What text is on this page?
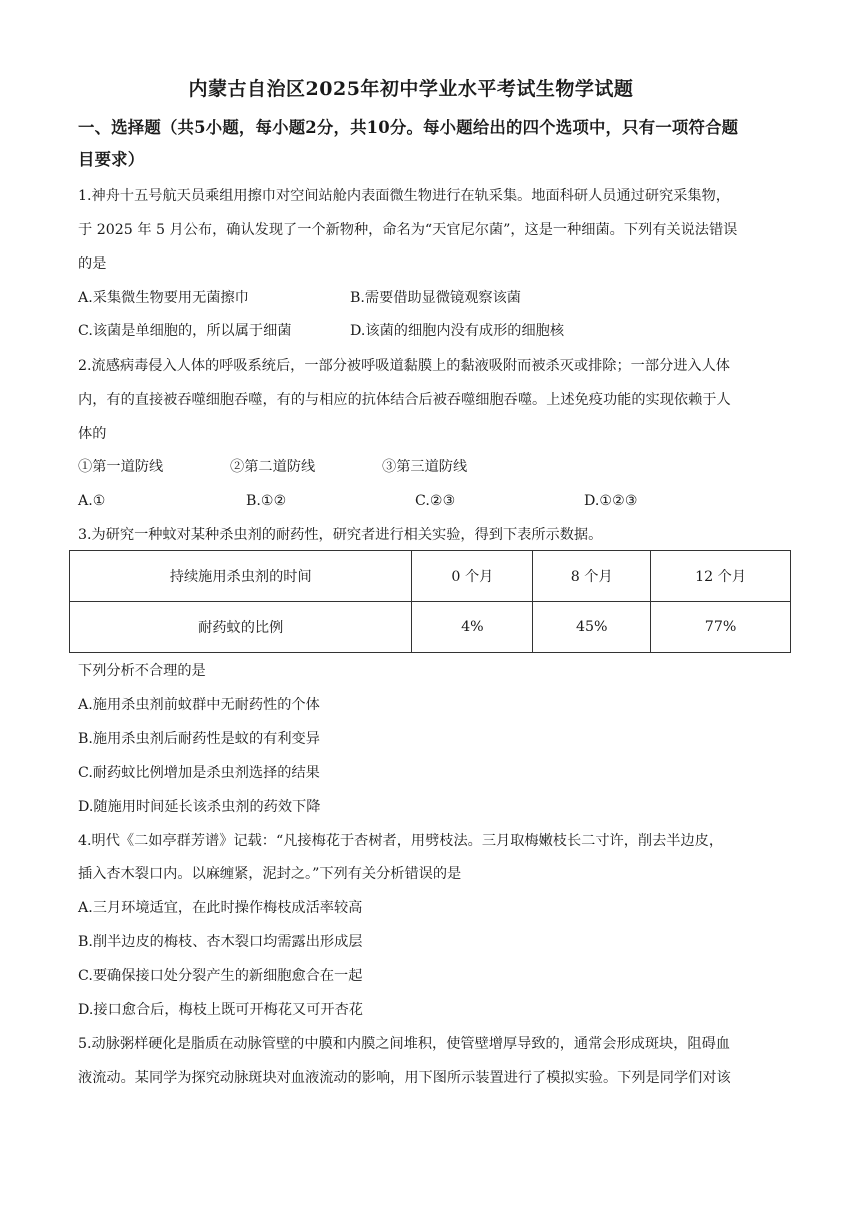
内蒙古自治区2025年初中学业水平考试生物学试题
一、选择题（共5小题，每小题2分，共10分。每小题给出的四个选项中，只有一项符合题
目要求）
1.神舟十五号航天员乘组用擦巾对空间站舱内表面微生物进行在轨采集。地面科研人员通过研究采集物，
于 2025 年 5 月公布，确认发现了一个新物种，命名为“天官尼尔菌”，这是一种细菌。下列有关说法错误
的是
A.采集微生物要用无菌擦巾	B.需要借助显微镜观察该菌
C.该菌是单细胞的，所以属于细菌	D.该菌的细胞内没有成形的细胞核
2.流感病毒侵入人体的呼吸系统后，一部分被呼吸道黏膜上的黏液吸附而被杀灭或排除；一部分进入人体
内，有的直接被吞噬细胞吞噬，有的与相应的抗体结合后被吞噬细胞吞噬。上述免疫功能的实现依赖于人
体的
①第一道防线	②第二道防线	③第三道防线
A.①	B.①②	C.②③	D.①②③
3.为研究一种蚊对某种杀虫剂的耐药性，研究者进行相关实验，得到下表所示数据。
持续施用杀虫剂的时间	0 个月	8 个月	12 个月
耐药蚊的比例	4%	45%	77%
下列分析不合理的是
A.施用杀虫剂前蚊群中无耐药性的个体
B.施用杀虫剂后耐药性是蚊的有利变异
C.耐药蚊比例增加是杀虫剂选择的结果
D.随施用时间延长该杀虫剂的药效下降
4.明代《二如亭群芳谱》记载：“凡接梅花于杏树者，用劈枝法。三月取梅嫩枝长二寸许，削去半边皮，
插入杏木裂口内。以麻缠紧，泥封之。”下列有关分析错误的是
A.三月环境适宜，在此时操作梅枝成活率较高
B.削半边皮的梅枝、杏木裂口均需露出形成层
C.要确保接口处分裂产生的新细胞愈合在一起
D.接口愈合后，梅枝上既可开梅花又可开杏花
5.动脉粥样硬化是脂质在动脉管壁的中膜和内膜之间堆积，使管壁增厚导致的，通常会形成斑块，阻碍血
液流动。某同学为探究动脉斑块对血液流动的影响，用下图所示装置进行了模拟实验。下列是同学们对该
